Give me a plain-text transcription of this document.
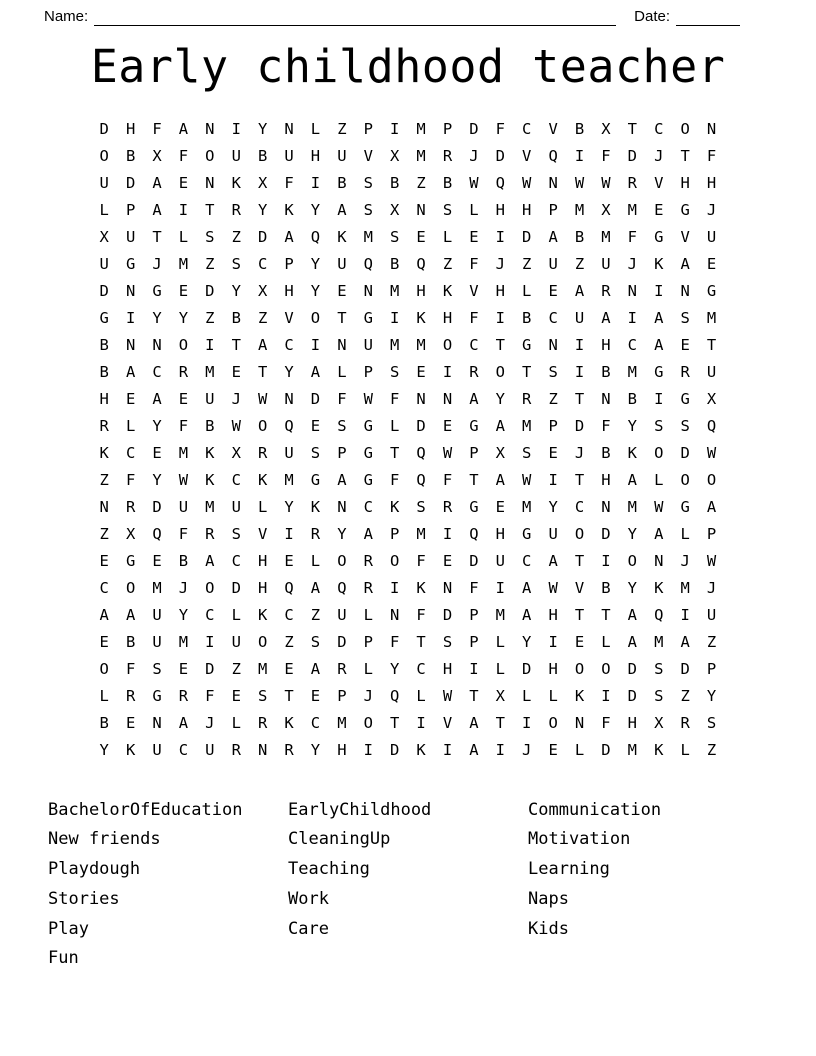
Name:	Date:
Early childhood teacher
D	H	F	A	N	I	Y	N	L	Z	P	I	M	P	D	F	C	V	B	X	T	C	O	N
O	B	X	F	O	U	B	U	H	U	V	X	M	R	J	D	V	Q	I	F	D	J	T	F
U	D	A	E	N	K	X	F	I	B	S	B	Z	B	W	Q	W	N	W	W	R	V	H	H
L	P	A	I	T	R	Y	K	Y	A	S	X	N	S	L	H	H	P	M	X	M	E	G	J
X	U	T	L	S	Z	D	A	Q	K	M	S	E	L	E	I	D	A	B	M	F	G	V	U
U	G	J	M	Z	S	C	P	Y	U	Q	B	Q	Z	F	J	Z	U	Z	U	J	K	A	E
D	N	G	E	D	Y	X	H	Y	E	N	M	H	K	V	H	L	E	A	R	N	I	N	G
G	I	Y	Y	Z	B	Z	V	O	T	G	I	K	H	F	I	B	C	U	A	I	A	S	M
B	N	N	O	I	T	A	C	I	N	U	M	M	O	C	T	G	N	I	H	C	A	E	T
B	A	C	R	M	E	T	Y	A	L	P	S	E	I	R	O	T	S	I	B	M	G	R	U
H	E	A	E	U	J	W	N	D	F	W	F	N	N	A	Y	R	Z	T	N	B	I	G	X
R	L	Y	F	B	W	O	Q	E	S	G	L	D	E	G	A	M	P	D	F	Y	S	S	Q
K	C	E	M	K	X	R	U	S	P	G	T	Q	W	P	X	S	E	J	B	K	O	D	W
Z	F	Y	W	K	C	K	M	G	A	G	F	Q	F	T	A	W	I	T	H	A	L	O	O
N	R	D	U	M	U	L	Y	K	N	C	K	S	R	G	E	M	Y	C	N	M	W	G	A
Z	X	Q	F	R	S	V	I	R	Y	A	P	M	I	Q	H	G	U	O	D	Y	A	L	P
E	G	E	B	A	C	H	E	L	O	R	O	F	E	D	U	C	A	T	I	O	N	J	W
C	O	M	J	O	D	H	Q	A	Q	R	I	K	N	F	I	A	W	V	B	Y	K	M	J
A	A	U	Y	C	L	K	C	Z	U	L	N	F	D	P	M	A	H	T	T	A	Q	I	U
E	B	U	M	I	U	O	Z	S	D	P	F	T	S	P	L	Y	I	E	L	A	M	A	Z
O	F	S	E	D	Z	M	E	A	R	L	Y	C	H	I	L	D	H	O	O	D	S	D	P
L	R	G	R	F	E	S	T	E	P	J	Q	L	W	T	X	L	L	K	I	D	S	Z	Y
B	E	N	A	J	L	R	K	C	M	O	T	I	V	A	T	I	O	N	F	H	X	R	S
Y	K	U	C	U	R	N	R	Y	H	I	D	K	I	A	I	J	E	L	D	M	K	L	Z
BachelorOfEducation
New friends
Playdough
Stories
Play
Fun
EarlyChildhood
CleaningUp
Teaching
Work
Care
Communication
Motivation
Learning
Naps
Kids
